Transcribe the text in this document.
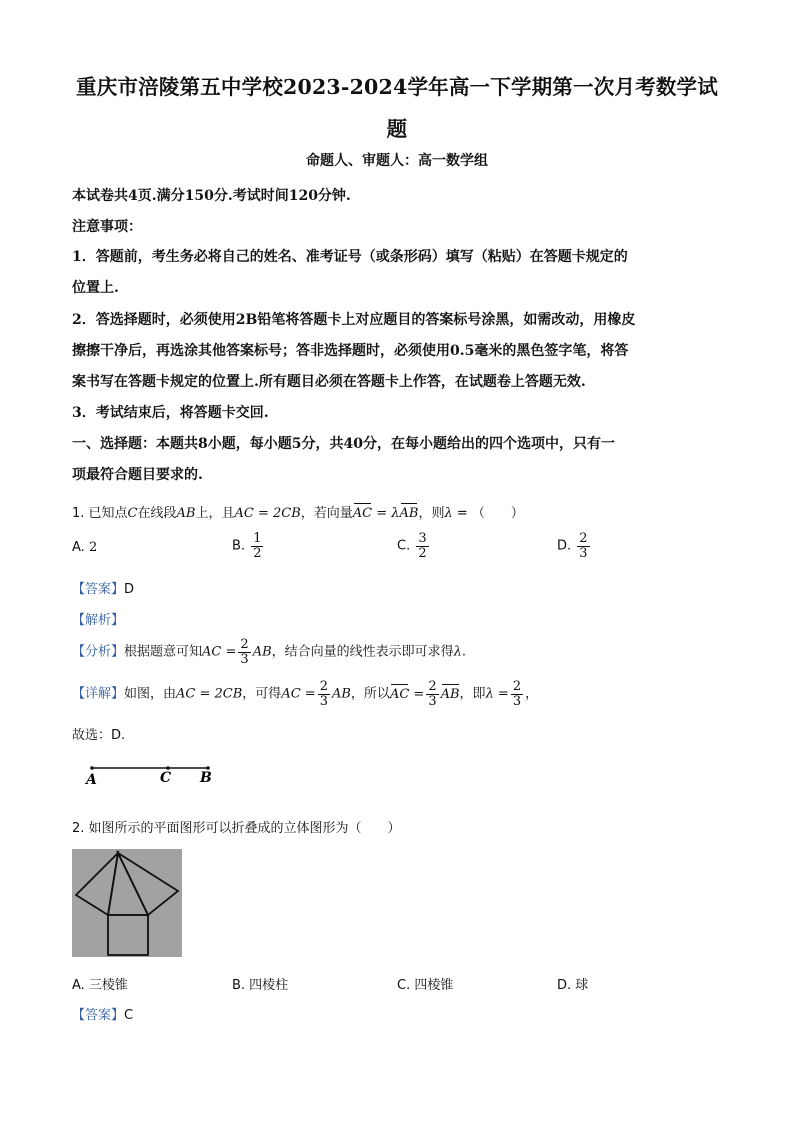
重庆市涪陵第五中学校2023-2024学年高一下学期第一次月考数学试
题
命题人、审题人：高一数学组
本试卷共4页.满分150分.考试时间120分钟.
注意事项：
1．答题前，考生务必将自己的姓名、准考证号（或条形码）填写（粘贴）在答题卡规定的
位置上.
2．答选择题时，必须使用2B铅笔将答题卡上对应题目的答案标号涂黑，如需改动，用橡皮
擦擦干净后，再选涂其他答案标号；答非选择题时，必须使用0.5毫米的黑色签字笔，将答
案书写在答题卡规定的位置上.所有题目必须在答题卡上作答，在试题卷上答题无效.
3．考试结束后，将答题卡交回.
一、选择题：本题共8小题，每小题5分，共40分，在每小题给出的四个选项中，只有一
项最符合题目要求的.
1. 已知点C在线段AB上，且AC = 2CB，若向量AC = λAB，则λ = （　　）
A. 2	B. $\frac{1}{2}$	C. $\frac{3}{2}$	D. $\frac{2}{3}$
【答案】D
【解析】
【分析】根据题意可知AC = $\frac{2}{3}$ AB，结合向量的线性表示即可求得λ.
【详解】如图，由AC = 2CB，可得AC = $\frac{2}{3}$ AB，所以AC = $\frac{2}{3}$ AB，即$\lambda = \frac{2}{3}$ ，
故选：D.
A	C B
2. 如图所示的平面图形可以折叠成的立体图形为（　　）
A. 三棱锥	B. 四棱柱	C. 四棱锥	D. 球
【答案】C
